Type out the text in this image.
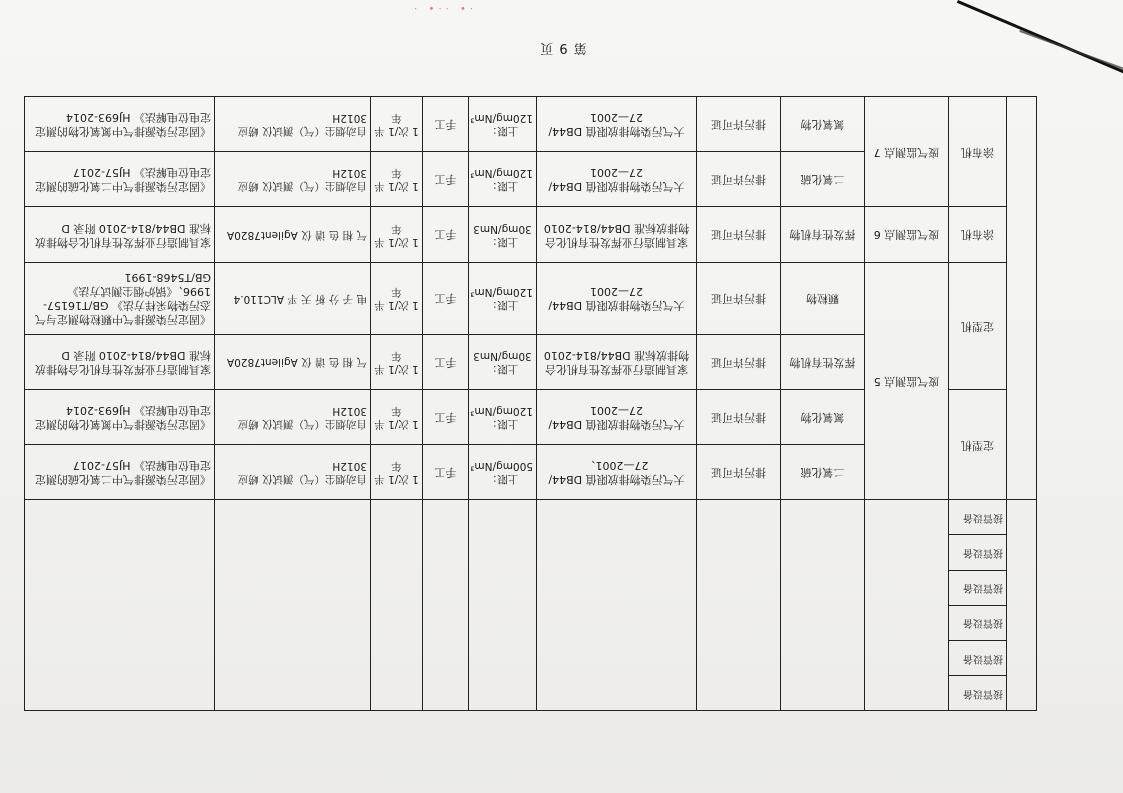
第 9 页
	接管设备									
	接管设备									
	接管设备									
	接管设备									
	接管设备									
	接管设备									
	定型机	废气监测点 5	二氧化硫	排污许可证	大气污染物排放限值 DB44/ 27—2001、	上限：500mg/Nm³	手工	1 次/1 半年	自动烟尘（气）测试仪 崂应 3012H	《固定污染源排气中二氧化硫的测定 定电位电解法》 HJ57-2017
			氮氧化物	排污许可证	大气污染物排放限值 DB44/ 27—2001	上限：120mg/Nm³	手工	1 次/1 半年	自动烟尘（气）测试仪 崂应 3012H	《固定污染源排气中氮氧化物的测定 定电位电解法》 HJ693-2014
	定型机		挥发性有机物	排污许可证	家具制造行业挥发性有机化合物排放标准 DB44/814-2010	上限：30mg/Nm3	手工	1 次/1 半年	气 相 色 谱 仪 Agilent7820A	家具制造行业挥发性有机化合物排放标准 DB44/814-2010 附录 D
			颗粒物	排污许可证	大气污染物排放限值 DB44/ 27—2001	上限：120mg/Nm³	手工	1 次/1 半年	电 子 分 析 天 平 ALC110.4	《固定污染源排气中颗粒物测定与气态污染物采样方法》 GB/T16157-1996、《锅炉烟尘测试方法》GB/T5468-1991
	涂布机	废气监测点 6	挥发性有机物	排污许可证	家具制造行业挥发性有机化合物排放标准 DB44/814-2010	上限：30mg/Nm3	手工	1 次/1 半年	气 相 色 谱 仪 Agilent7820A	家具制造行业挥发性有机化合物排放标准 DB44/814-2010 附录 D
	涂布机	废气监测点 7	二氧化硫	排污许可证	大气污染物排放限值 DB44/ 27—2001	上限：120mg/Nm³	手工	1 次/1 半年	自动烟尘（气）测试仪 崂应 3012H	《固定污染源排气中二氧化硫的测定 定电位电解法》 HJ57-2017
			氮氧化物	排污许可证	大气污染物排放限值 DB44/ 27—2001	上限：120mg/Nm³	手工	1 次/1 半年	自动烟尘（气）测试仪 崂应 3012H	《固定污染源排气中氮氧化物的测定 定电位电解法》 HJ693-2014
·• ··• ·
